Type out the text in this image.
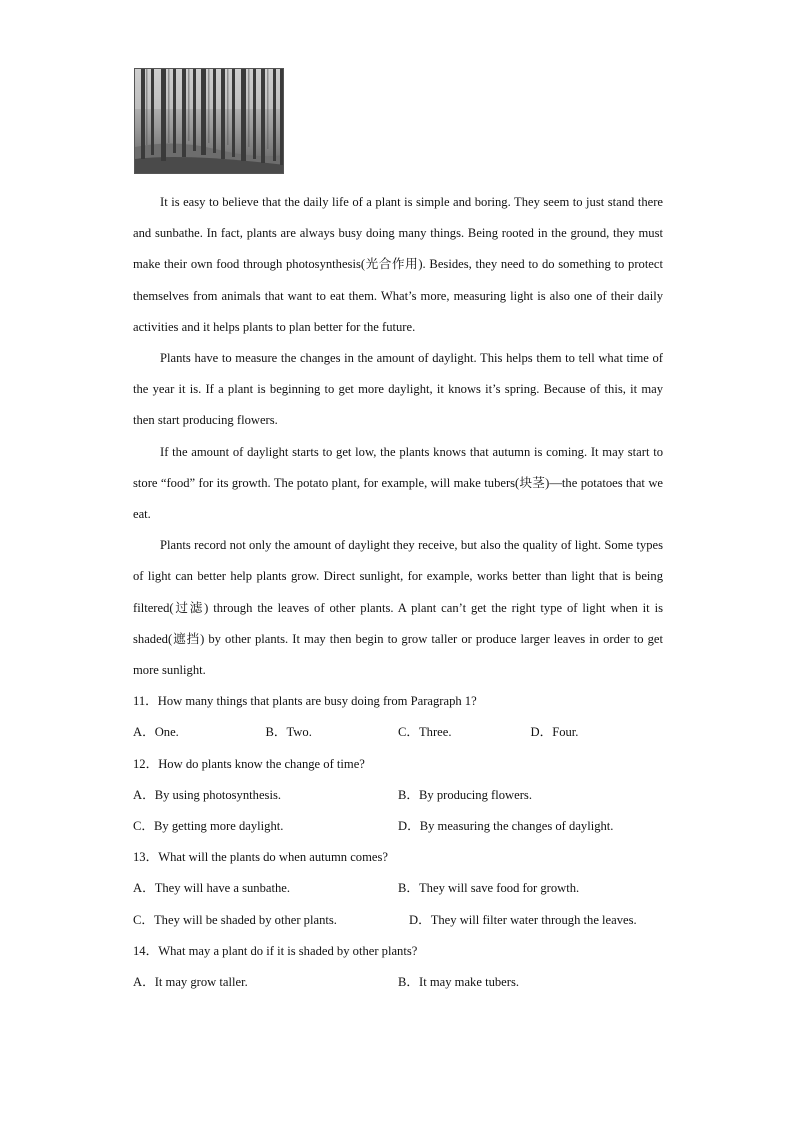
It is easy to believe that the daily life of a plant is simple and boring. They seem to just stand there and sunbathe. In fact, plants are always busy doing many things. Being rooted in the ground, they must make their own food through photosynthesis(光合作用). Besides, they need to do something to protect themselves from animals that want to eat them. What’s more, measuring light is also one of their daily activities and it helps plants to plan better for the future.

Plants have to measure the changes in the amount of daylight. This helps them to tell what time of the year it is. If a plant is beginning to get more daylight, it knows it’s spring. Because of this, it may then start producing flowers.

If the amount of daylight starts to get low, the plants knows that autumn is coming. It may start to store “food” for its growth. The potato plant, for example, will make tubers(块茎)—the potatoes that we eat.

Plants record not only the amount of daylight they receive, but also the quality of light. Some types of light can better help plants grow. Direct sunlight, for example, works better than light that is being filtered(过滤) through the leaves of other plants. A plant can’t get the right type of light when it is shaded(遮挡) by other plants. It may then begin to grow taller or produce larger leaves in order to get more sunlight.

11．How many things that plants are busy doing from Paragraph 1?

A．One.	B．Two.	C．Three.	D．Four.

12．How do plants know the change of time?

A．By using photosynthesis.	B．By producing flowers.
C．By getting more daylight.	D．By measuring the changes of daylight.

13．What will the plants do when autumn comes?

A．They will have a sunbathe.	B．They will save food for growth.
C．They will be shaded by other plants.	D．They will filter water through the leaves.

14．What may a plant do if it is shaded by other plants?

A．It may grow taller.	B．It may make tubers.
